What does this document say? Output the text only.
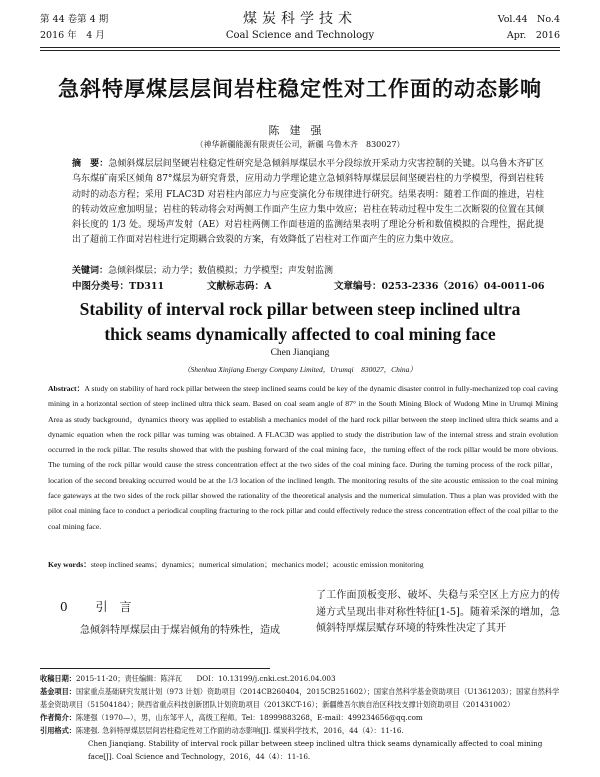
第 44 卷第 4 期
2016 年　4 月
煤炭科学技术
Coal Science and Technology
Vol.44　No.4
Apr.　2016
急斜特厚煤层层间岩柱稳定性对工作面的动态影响
陈建强
（神华新疆能源有限责任公司，新疆 乌鲁木齐　830027）
摘　要：急倾斜煤层层间坚硬岩柱稳定性研究是急倾斜厚煤层水平分段综放开采动力灾害控制的关键。以乌鲁木齐矿区乌东煤矿南采区倾角 87°煤层为研究背景，应用动力学理论建立急倾斜特厚煤层层间坚硬岩柱的力学模型，得到岩柱转动时的动态方程；采用 FLAC3D 对岩柱内部应力与应变演化分布规律进行研究。结果表明：随着工作面的推进，岩柱的转动效应愈加明显；岩柱的转动将会对两侧工作面产生应力集中效应；岩柱在转动过程中发生二次断裂的位置在其倾斜长度的 1/3 处。现场声发射（AE）对岩柱两侧工作面巷道的监测结果表明了理论分析和数值模拟的合理性，据此提出了超前工作面对岩柱进行定期耦合致裂的方案，有效降低了岩柱对工作面产生的应力集中效应。
关键词：急倾斜煤层；动力学；数值模拟；力学模型；声发射监测
中图分类号：TD311	文献标志码：A	文章编号：0253-2336（2016）04-0011-06
Stability of interval rock pillar between steep inclined ultra
thick seams dynamically affected to coal mining face
Chen Jianqiang
（Shenhua Xinjiang Energy Company Limited，Urumqi　830027，China）
Abstract：A study on stability of hard rock pillar between the steep inclined seams could be key of the dynamic disaster control in fully-mechanized top coal caving mining in a horizontal section of steep inclined ultra thick seam. Based on coal seam angle of 87° in the South Mining Block of Wudong Mine in Urumqi Mining Area as study background，dynamics theory was applied to establish a mechanics model of the hard rock pillar between the steep inclined ultra thick seams and a dynamic equation when the rock pillar was turning was obtained. A FLAC3D was applied to study the distribution law of the internal stress and strain evolution occurred in the rock pillar. The results showed that with the pushing forward of the coal mining face，the turning effect of the rock pillar would be more obvious. The turning of the rock pillar would cause the stress concentration effect at the two sides of the coal mining face. During the turning process of the rock pillar，location of the second breaking occurred would be at the 1/3 location of the inclined length. The monitoring results of the site acoustic emission to the coal mining face gateways at the two sides of the rock pillar showed the rationality of the theoretical analysis and the numerical simulation. Thus a plan was provided with the pilot coal mining face to conduct a periodical coupling fracturing to the rock pillar and could effectively reduce the stress concentration effect of the coal pillar to the coal mining face.
Key words：steep inclined seams；dynamics；numerical simulation；mechanics model；acoustic emission monitoring
0 引言
急倾斜特厚煤层由于煤岩倾角的特殊性，造成
了工作面顶板变形、破坏、失稳与采空区上方应力的传递方式呈现出非对称性特征[1-5]。随着采深的增加，急倾斜特厚煤层赋存环境的特殊性决定了其开

收稿日期：2015-11-20；责任编辑：陈洋瓦　　DOI：10.13199/j.cnki.cst.2016.04.003

基金项目：国家重点基础研究发展计划（973 计划）资助项目（2014CB260404，2015CB251602）；国家自然科学基金资助项目（U1361203）；国家自然科学基金资助项目（51504184）；陕西省重点科技创新团队计划资助项目（2013KCT-16）；新疆维吾尔族自治区科技支撑计划资助项目（201431002）

作者简介：陈建强（1970—），男，山东邹平人，高级工程师。Tel：18999883268，E-mail：499234656@qq.com

引用格式：陈建强. 急斜特厚煤层层间岩柱稳定性对工作面的动态影响[J]. 煤炭科学技术，2016，44（4）：11-16.

Chen Jianqiang. Stability of interval rock pillar between steep inclined ultra thick seams dynamically affected to coal mining face[J]. Coal Science and Technology，2016，44（4）：11-16.
